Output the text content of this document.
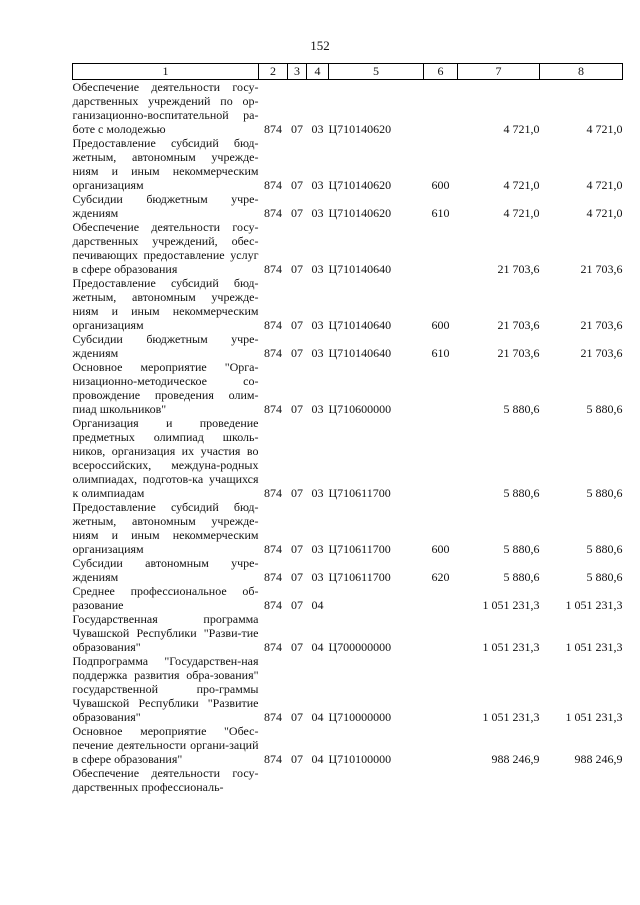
152
1	2	3	4	5	6	7	8
Обеспечение деятельности госу-дарственных учреждений по ор-ганизационно-воспитательной ра-боте с молодежью	874	07	03	Ц710140620		4 721,0	4 721,0
Предоставление субсидий бюд-жетным, автономным учрежде-ниям и иным некоммерческим организациям	874	07	03	Ц710140620	600	4 721,0	4 721,0
Субсидии бюджетным учре-ждениям	874	07	03	Ц710140620	610	4 721,0	4 721,0
Обеспечение деятельности госу-дарственных учреждений, обес-печивающих предоставление услуг в сфере образования	874	07	03	Ц710140640		21 703,6	21 703,6
Предоставление субсидий бюд-жетным, автономным учрежде-ниям и иным некоммерческим организациям	874	07	03	Ц710140640	600	21 703,6	21 703,6
Субсидии бюджетным учре-ждениям	874	07	03	Ц710140640	610	21 703,6	21 703,6
Основное мероприятие "Орга-низационно-методическое со-провождение проведения олим-пиад школьников"	874	07	03	Ц710600000		5 880,6	5 880,6
Организация и проведение предметных олимпиад школь-ников, организация их участия во всероссийских, междуна-родных олимпиадах, подготов-ка учащихся к олимпиадам	874	07	03	Ц710611700		5 880,6	5 880,6
Предоставление субсидий бюд-жетным, автономным учрежде-ниям и иным некоммерческим организациям	874	07	03	Ц710611700	600	5 880,6	5 880,6
Субсидии автономным учре-ждениям	874	07	03	Ц710611700	620	5 880,6	5 880,6
Среднее профессиональное об-разование	874	07	04			1 051 231,3	1 051 231,3
Государственная программа Чувашской Республики "Разви-тие образования"	874	07	04	Ц700000000		1 051 231,3	1 051 231,3
Подпрограмма "Государствен-ная поддержка развития обра-зования" государственной про-граммы Чувашской Республики "Развитие образования"	874	07	04	Ц710000000		1 051 231,3	1 051 231,3
Основное мероприятие "Обес-печение деятельности органи-заций в сфере образования"	874	07	04	Ц710100000		988 246,9	988 246,9
Обеспечение деятельности госу-дарственных профессиональ-							
